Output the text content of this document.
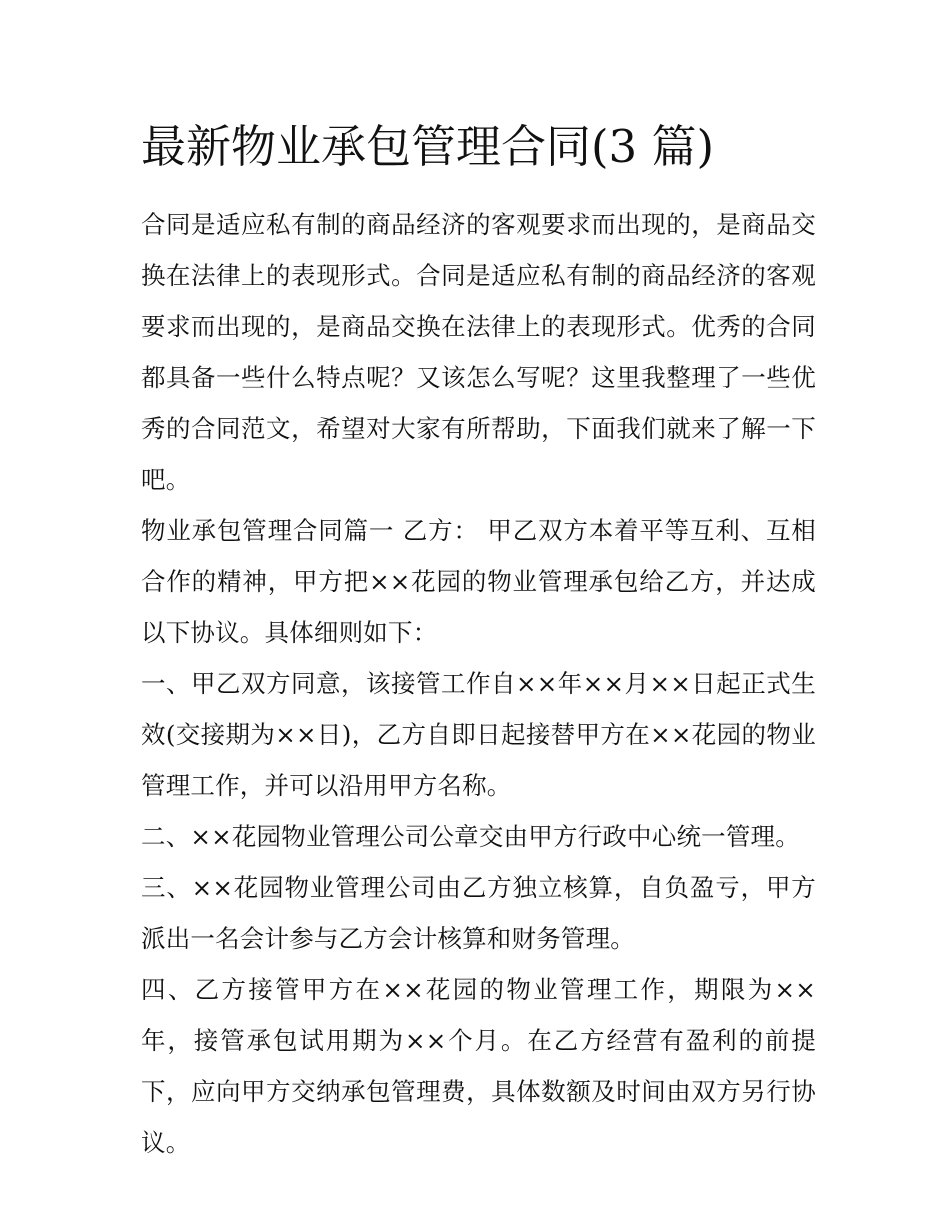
最新物业承包管理合同(3 篇)

合同是适应私有制的商品经济的客观要求而出现的，是商品交换在法律上的表现形式。合同是适应私有制的商品经济的客观要求而出现的，是商品交换在法律上的表现形式。优秀的合同都具备一些什么特点呢？又该怎么写呢？这里我整理了一些优秀的合同范文，希望对大家有所帮助，下面我们就来了解一下吧。

物业承包管理合同篇一 乙方： 甲乙双方本着平等互利、互相合作的精神，甲方把××花园的物业管理承包给乙方，并达成以下协议。具体细则如下：

一、甲乙双方同意，该接管工作自××年××月××日起正式生效(交接期为××日)，乙方自即日起接替甲方在××花园的物业管理工作，并可以沿用甲方名称。

二、××花园物业管理公司公章交由甲方行政中心统一管理。

三、××花园物业管理公司由乙方独立核算，自负盈亏，甲方派出一名会计参与乙方会计核算和财务管理。

四、乙方接管甲方在××花园的物业管理工作，期限为××年，接管承包试用期为××个月。在乙方经营有盈利的前提下，应向甲方交纳承包管理费，具体数额及时间由双方另行协议。
